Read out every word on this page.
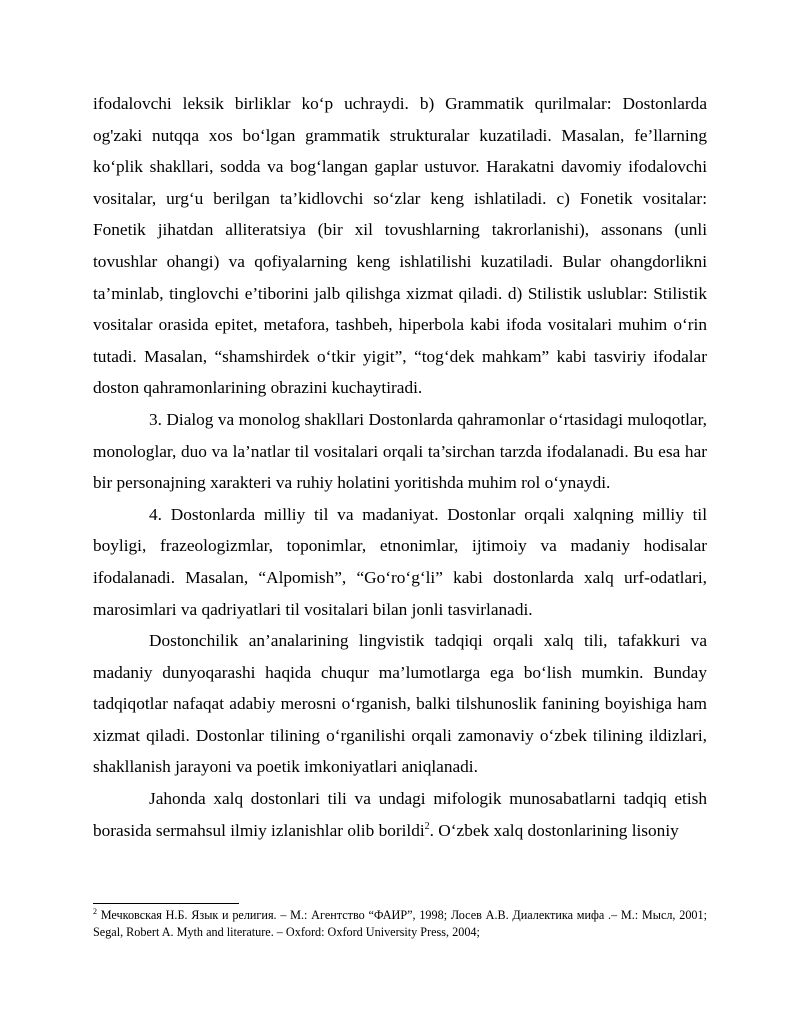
ifodalovchi leksik birliklar ko‘p uchraydi. b) Grammatik qurilmalar: Dostonlarda og'zaki nutqqa xos bo‘lgan grammatik strukturalar kuzatiladi. Masalan, fe’llarning ko‘plik shakllari, sodda va bog‘langan gaplar ustuvor. Harakatni davomiy ifodalovchi vositalar, urg‘u berilgan ta’kidlovchi so‘zlar keng ishlatiladi. c) Fonetik vositalar: Fonetik jihatdan alliteratsiya (bir xil tovushlarning takrorlanishi), assonans (unli tovushlar ohangi) va qofiyalarning keng ishlatilishi kuzatiladi. Bular ohangdorlikni ta’minlab, tinglovchi e’tiborini jalb qilishga xizmat qiladi. d) Stilistik uslublar: Stilistik vositalar orasida epitet, metafora, tashbeh, hiperbola kabi ifoda vositalari muhim o‘rin tutadi. Masalan, “shamshirdek o‘tkir yigit”, “tog‘dek mahkam” kabi tasviriy ifodalar doston qahramonlarining obrazini kuchaytiradi.

3. Dialog va monolog shakllari Dostonlarda qahramonlar o‘rtasidagi muloqotlar, monologlar, duo va la’natlar til vositalari orqali ta’sirchan tarzda ifodalanadi. Bu esa har bir personajning xarakteri va ruhiy holatini yoritishda muhim rol o‘ynaydi.

4. Dostonlarda milliy til va madaniyat. Dostonlar orqali xalqning milliy til boyligi, frazeologizmlar, toponimlar, etnonimlar, ijtimoiy va madaniy hodisalar ifodalanadi. Masalan, “Alpomish”, “Go‘ro‘g‘li” kabi dostonlarda xalq urf-odatlari, marosimlari va qadriyatlari til vositalari bilan jonli tasvirlanadi.

Dostonchilik an’analarining lingvistik tadqiqi orqali xalq tili, tafakkuri va madaniy dunyoqarashi haqida chuqur ma’lumotlarga ega bo‘lish mumkin. Bunday tadqiqotlar nafaqat adabiy merosni o‘rganish, balki tilshunoslik fanining boyishiga ham xizmat qiladi. Dostonlar tilining o‘rganilishi orqali zamonaviy o‘zbek tilining ildizlari, shakllanish jarayoni va poetik imkoniyatlari aniqlanadi.

Jahonda xalq dostonlari tili va undagi mifologik munosabatlarni tadqiq etish borasida sermahsul ilmiy izlanishlar olib borildi$^2$. O‘zbek xalq dostonlarining lisoniy

$^2$ Мечковская Н.Б. Язык и религия. – М.: Агентство “ФАИР”, 1998; Лосев А.В. Диалектика мифа .– М.: Мысл, 2001; Segal, Robert A. Myth and literature. – Oxford: Oxford University Press, 2004;
